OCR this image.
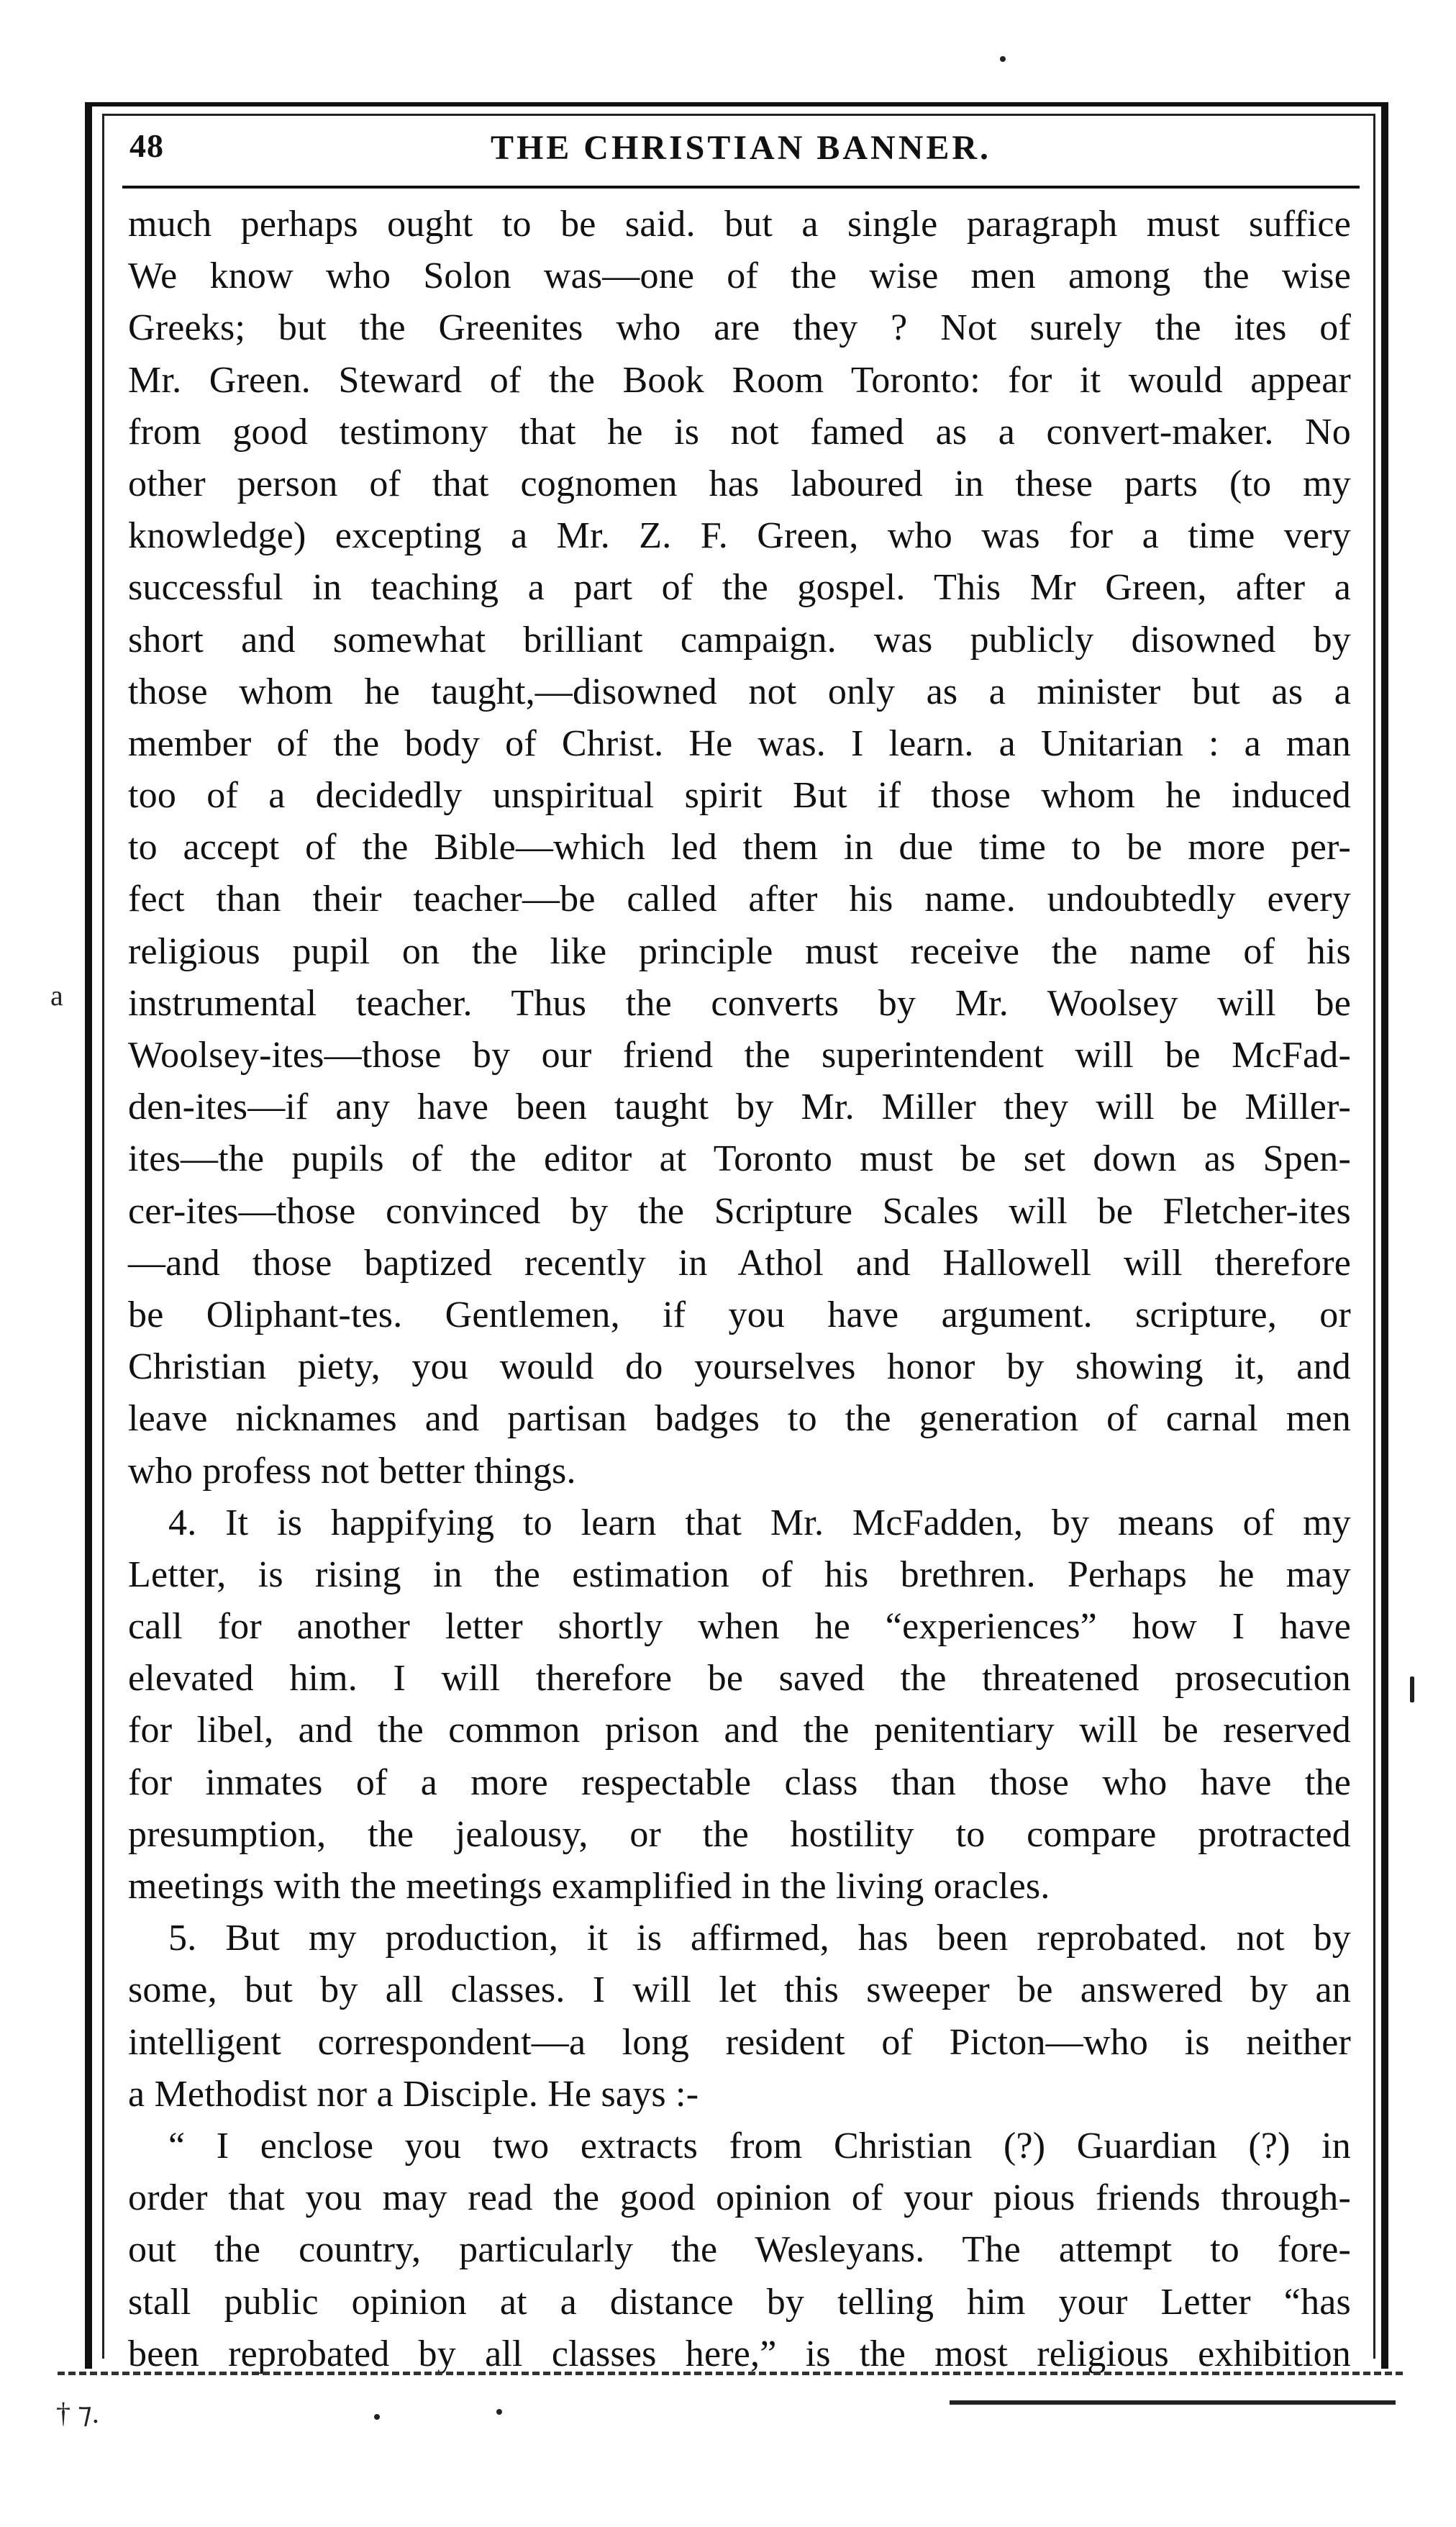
48	THE CHRISTIAN BANNER.
much perhaps ought to be said. but a single paragraph must suffice
We know who Solon was—one of the wise men among the wise
Greeks; but the Greenites who are they ? Not surely the ites of
Mr. Green. Steward of the Book Room Toronto: for it would appear
from good testimony that he is not famed as a convert-maker. No
other person of that cognomen has laboured in these parts (to my
knowledge) excepting a Mr. Z. F. Green, who was for a time very
successful in teaching a part of the gospel. This Mr Green, after a
short and somewhat brilliant campaign. was publicly disowned by
those whom he taught,—disowned not only as a minister but as a
member of the body of Christ. He was. I learn. a Unitarian : a man
too of a decidedly unspiritual spirit But if those whom he induced
to accept of the Bible—which led them in due time to be more per-
fect than their teacher—be called after his name. undoubtedly every
religious pupil on the like principle must receive the name of his
instrumental teacher. Thus the converts by Mr. Woolsey will be
Woolsey-ites—those by our friend the superintendent will be McFad-
den-ites—if any have been taught by Mr. Miller they will be Miller-
ites—the pupils of the editor at Toronto must be set down as Spen-
cer-ites—those convinced by the Scripture Scales will be Fletcher-ites
—and those baptized recently in Athol and Hallowell will therefore
be Oliphant-tes. Gentlemen, if you have argument. scripture, or
Christian piety, you would do yourselves honor by showing it, and
leave nicknames and partisan badges to the generation of carnal men
who profess not better things.
4. It is happifying to learn that Mr. McFadden, by means of my
Letter, is rising in the estimation of his brethren. Perhaps he may
call for another letter shortly when he “experiences” how I have
elevated him. I will therefore be saved the threatened prosecution
for libel, and the common prison and the penitentiary will be reserved
for inmates of a more respectable class than those who have the
presumption, the jealousy, or the hostility to compare protracted
meetings with the meetings examplified in the living oracles.
5. But my production, it is affirmed, has been reprobated. not by
some, but by all classes. I will let this sweeper be answered by an
intelligent correspondent—a long resident of Picton—who is neither
a Methodist nor a Disciple. He says :-
“ I enclose you two extracts from Christian (?) Guardian (?) in
order that you may read the good opinion of your pious friends through-
out the country, particularly the Wesleyans. The attempt to fore-
stall public opinion at a distance by telling him your Letter “has
been reprobated by all classes here,” is the most religious exhibition
a
† ⁊.
